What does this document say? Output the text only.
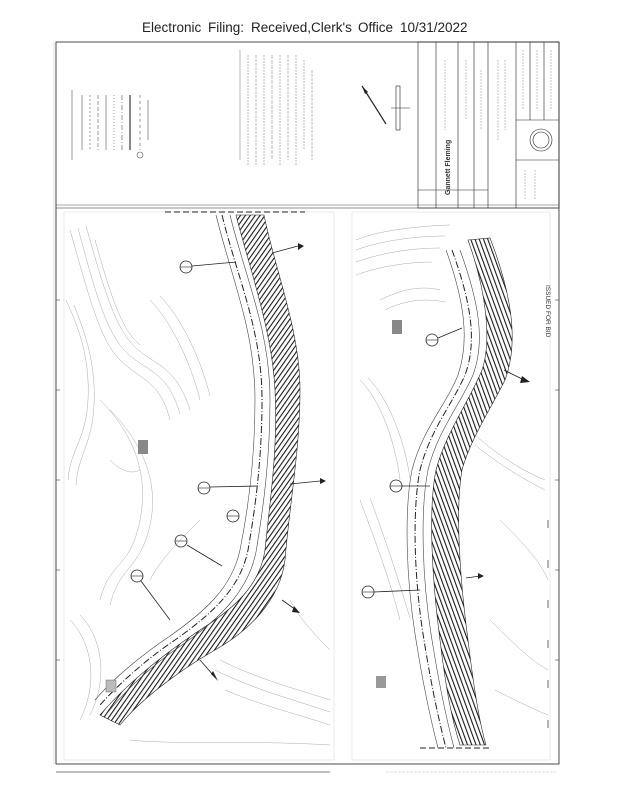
Electronic Filing: Received,Clerk's Office 10/31/2022
Gannett Fleming
ISSUED FOR BID
